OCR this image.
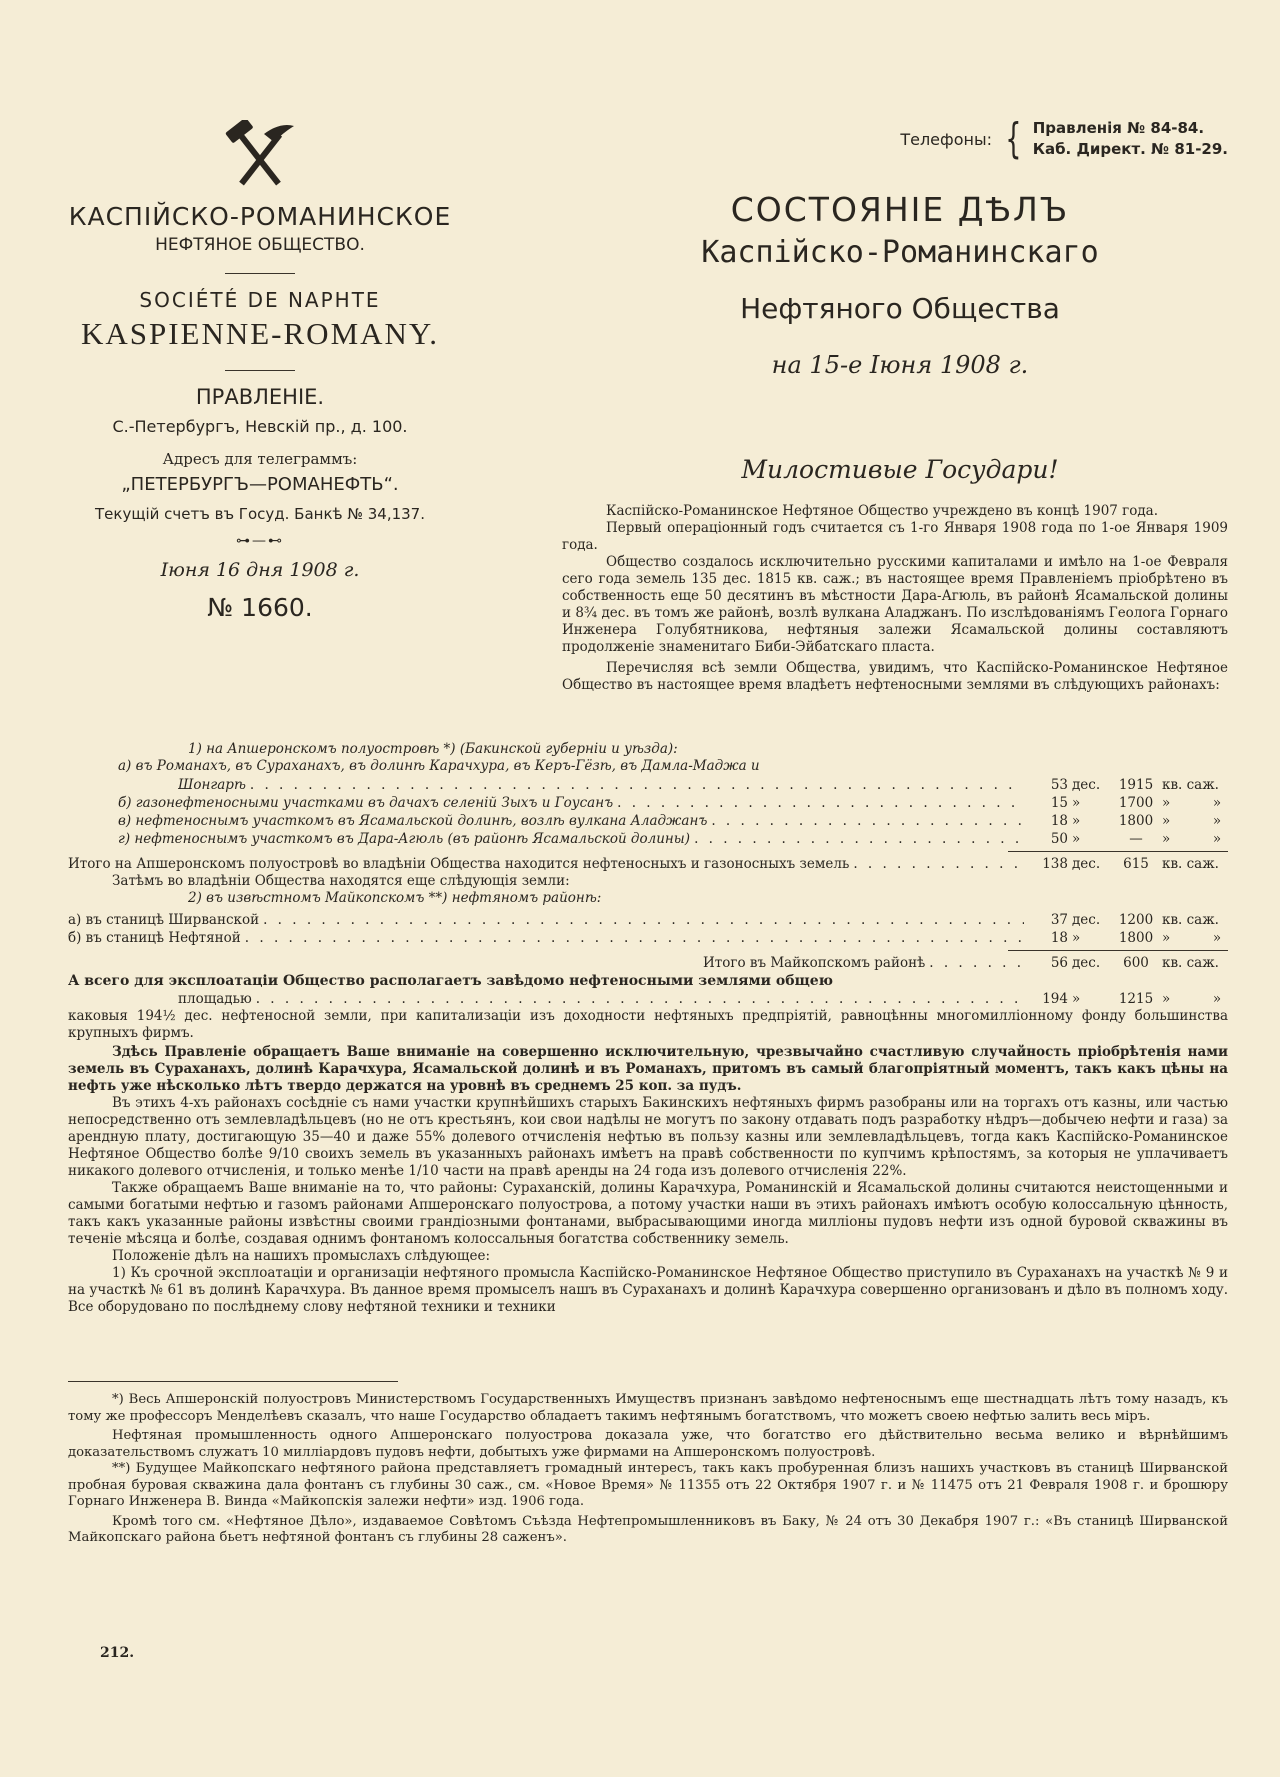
КАСПІЙСКО-РОМАНИНСКОЕ
НЕФТЯНОЕ ОБЩЕСТВО.
SOCIÉTÉ DE NAPHTE
KASPIENNE-ROMANY.
ПРАВЛЕНІЕ.
С.-Петербургъ, Невскій пр., д. 100.
Адресъ для телеграммъ:
„ПЕТЕРБУРГЪ—РОМАНЕФТЬ“.
Текущій счетъ въ Госуд. Банкѣ № 34,137.
⊶—⊷
Іюня 16 дня 1908 г.
№ 1660.
Телефоны: { Правленія № 84-84.
Каб. Директ. № 81-29.
СОСТОЯНІЕ ДѢЛЪ
Каспійско-Романинскаго
Нефтяного Общества
на 15-е Іюня 1908 г.
Милостивые Государи!

Каспійско-Романинское Нефтяное Общество учреждено въ концѣ 1907 года.

Первый операціонный годъ считается съ 1-го Января 1908 года по 1-ое Января 1909 года.

Общество создалось исключительно русскими капиталами и имѣло на 1-ое Февраля сего года земель 135 дес. 1815 кв. саж.; въ настоящее время Правленіемъ пріобрѣтено въ собственность еще 50 десятинъ въ мѣстности Дара-Агюль, въ районѣ Ясамальской долины и 8¾ дес. въ томъ же районѣ, возлѣ вулкана Аладжанъ. По изслѣдованіямъ Геолога Горнаго Инженера Голубятникова, нефтяныя залежи Ясамальской долины составляютъ продолженіе знаменитаго Биби-Эйбатскаго пласта.

Перечисляя всѣ земли Общества, увидимъ, что Каспійско-Романинское Нефтяное Общество въ настоящее время владѣетъ нефтеносными землями въ слѣдующихъ районахъ:

1) на Апшеронскомъ полуостровѣ *) (Бакинской губерніи и уѣзда):

а) въ Романахъ, въ Сураханахъ, въ долинѣ Карачхура, въ Керъ-Гёзѣ, въ Дамла-Маджа и
Шонгарѣ . . .	53 дес.	1915 кв. саж.
б) газонефтеносными участками въ дачахъ селеній Зыхъ и Гоусанъ . . .	15 »	1700 »	»
в) нефтеноснымъ участкомъ въ Ясамальской долинѣ, возлѣ вулкана Аладжанъ . . .	18 »	1800 »	»
г) нефтеноснымъ участкомъ въ Дара-Агюль (въ районѣ Ясамальской долины) . . .	50 »	—	»	»
Итого на Апшеронскомъ полуостровѣ во владѣніи Общества находится нефтеносныхъ и газоносныхъ земель . . .	138 дес.	615 кв. саж.

Затѣмъ во владѣніи Общества находятся еще слѣдующія земли:

2) въ извѣстномъ Майкопскомъ **) нефтяномъ районѣ:

а) въ станицѣ Ширванской . . .	37 дес.	1200 кв. саж.
б) въ станицѣ Нефтяной . . .	18 »	1800 »	»
Итого въ Майкопскомъ районѣ . . .	56 дес.	600 кв. саж.
А всего для эксплоатаціи Общество располагаетъ завѣдомо нефтеносными землями общею
площадью . . .	194 »	1215 »	»

каковыя 194½ дес. нефтеносной земли, при капитализаціи изъ доходности нефтяныхъ предпріятій, равноцѣнны многомилліонному фонду большинства крупныхъ фирмъ.

Здѣсь Правленіе обращаетъ Ваше вниманіе на совершенно исключительную, чрезвычайно счастливую случайность пріобрѣтенія нами земель въ Сураханахъ, долинѣ Карачхура, Ясамальской долинѣ и въ Романахъ, притомъ въ самый благопріятный моментъ, такъ какъ цѣны на нефть уже нѣсколько лѣтъ твердо держатся на уровнѣ въ среднемъ 25 коп. за пудъ.

Въ этихъ 4-хъ районахъ сосѣдніе съ нами участки крупнѣйшихъ старыхъ Бакинскихъ нефтяныхъ фирмъ разобраны или на торгахъ отъ казны, или частью непосредственно отъ землевладѣльцевъ (но не отъ крестьянъ, кои свои надѣлы не могутъ по закону отдавать подъ разработку нѣдръ—добычею нефти и газа) за арендную плату, достигающую 35—40 и даже 55% долевого отчисленія нефтью въ пользу казны или землевладѣльцевъ, тогда какъ Каспійско-Романинское Нефтяное Общество болѣе 9/10 своихъ земель въ указанныхъ районахъ имѣетъ на правѣ собственности по купчимъ крѣпостямъ, за которыя не уплачиваетъ никакого долевого отчисленія, и только менѣе 1/10 части на правѣ аренды на 24 года изъ долевого отчисленія 22%.

Также обращаемъ Ваше вниманіе на то, что районы: Сураханскій, долины Карачхура, Романинскій и Ясамальской долины считаются неистощенными и самыми богатыми нефтью и газомъ районами Апшеронскаго полуострова, а потому участки наши въ этихъ районахъ имѣютъ особую колоссальную цѣнность, такъ какъ указанные районы извѣстны своими грандіозными фонтанами, выбрасывающими иногда милліоны пудовъ нефти изъ одной буровой скважины въ теченіе мѣсяца и болѣе, создавая однимъ фонтаномъ колоссальныя богатства собственнику земель.

Положеніе дѣлъ на нашихъ промыслахъ слѣдующее:

1) Къ срочной эксплоатаціи и организаціи нефтяного промысла Каспійско-Романинское Нефтяное Общество приступило въ Сураханахъ на участкѣ № 9 и на участкѣ № 61 въ долинѣ Карачхура. Въ данное время промыселъ нашъ въ Сураханахъ и долинѣ Карачхура совершенно организованъ и дѣло въ полномъ ходу. Все оборудовано по послѣднему слову нефтяной техники и техники

*) Весь Апшеронскій полуостровъ Министерствомъ Государственныхъ Имуществъ признанъ завѣдомо нефтеноснымъ еще шестнадцать лѣтъ тому назадъ, къ тому же профессоръ Менделѣевъ сказалъ, что наше Государство обладаетъ такимъ нефтянымъ богатствомъ, что можетъ своею нефтью залить весь міръ.

Нефтяная промышленность одного Апшеронскаго полуострова доказала уже, что богатство его дѣйствительно весьма велико и вѣрнѣйшимъ доказательствомъ служатъ 10 милліардовъ пудовъ нефти, добытыхъ уже фирмами на Апшеронскомъ полуостровѣ.

**) Будущее Майкопскаго нефтяного района представляетъ громадный интересъ, такъ какъ пробуренная близъ нашихъ участковъ въ станицѣ Ширванской пробная буровая скважина дала фонтанъ съ глубины 30 саж., см. «Новое Время» № 11355 отъ 22 Октября 1907 г. и № 11475 отъ 21 Февраля 1908 г. и брошюру Горнаго Инженера В. Винда «Майкопскія залежи нефти» изд. 1906 года.

Кромѣ того см. «Нефтяное Дѣло», издаваемое Совѣтомъ Съѣзда Нефтепромышленниковъ въ Баку, № 24 отъ 30 Декабря 1907 г.: «Въ станицѣ Ширванской Майкопскаго района бьетъ нефтяной фонтанъ съ глубины 28 саженъ».

212.
